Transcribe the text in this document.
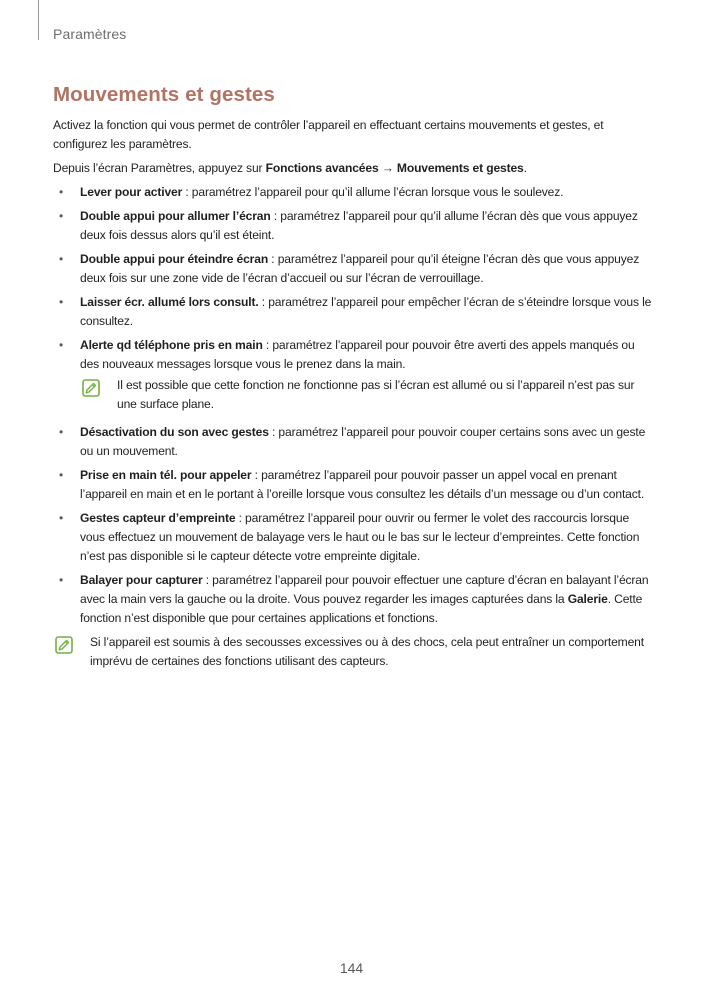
Paramètres
Mouvements et gestes

Activez la fonction qui vous permet de contrôler l’appareil en effectuant certains mouvements et gestes, et configurez les paramètres.

Depuis l’écran Paramètres, appuyez sur Fonctions avancées → Mouvements et gestes.

• Lever pour activer : paramétrez l’appareil pour qu’il allume l’écran lorsque vous le soulevez.
• Double appui pour allumer l’écran : paramétrez l’appareil pour qu’il allume l’écran dès que vous appuyez deux fois dessus alors qu’il est éteint.
• Double appui pour éteindre écran : paramétrez l’appareil pour qu’il éteigne l’écran dès que vous appuyez deux fois sur une zone vide de l’écran d’accueil ou sur l’écran de verrouillage.
• Laisser écr. allumé lors consult. : paramétrez l’appareil pour empêcher l’écran de s’éteindre lorsque vous le consultez.
• Alerte qd téléphone pris en main : paramétrez l’appareil pour pouvoir être averti des appels manqués ou des nouveaux messages lorsque vous le prenez dans la main.
Il est possible que cette fonction ne fonctionne pas si l’écran est allumé ou si l’appareil n’est pas sur une surface plane.
• Désactivation du son avec gestes : paramétrez l’appareil pour pouvoir couper certains sons avec un geste ou un mouvement.
• Prise en main tél. pour appeler : paramétrez l’appareil pour pouvoir passer un appel vocal en prenant l’appareil en main et en le portant à l’oreille lorsque vous consultez les détails d’un message ou d’un contact.
• Gestes capteur d’empreinte : paramétrez l’appareil pour ouvrir ou fermer le volet des raccourcis lorsque vous effectuez un mouvement de balayage vers le haut ou le bas sur le lecteur d’empreintes. Cette fonction n’est pas disponible si le capteur détecte votre empreinte digitale.
• Balayer pour capturer : paramétrez l’appareil pour pouvoir effectuer une capture d’écran en balayant l’écran avec la main vers la gauche ou la droite. Vous pouvez regarder les images capturées dans la Galerie. Cette fonction n’est disponible que pour certaines applications et fonctions.
Si l’appareil est soumis à des secousses excessives ou à des chocs, cela peut entraîner un comportement imprévu de certaines des fonctions utilisant des capteurs.
144
